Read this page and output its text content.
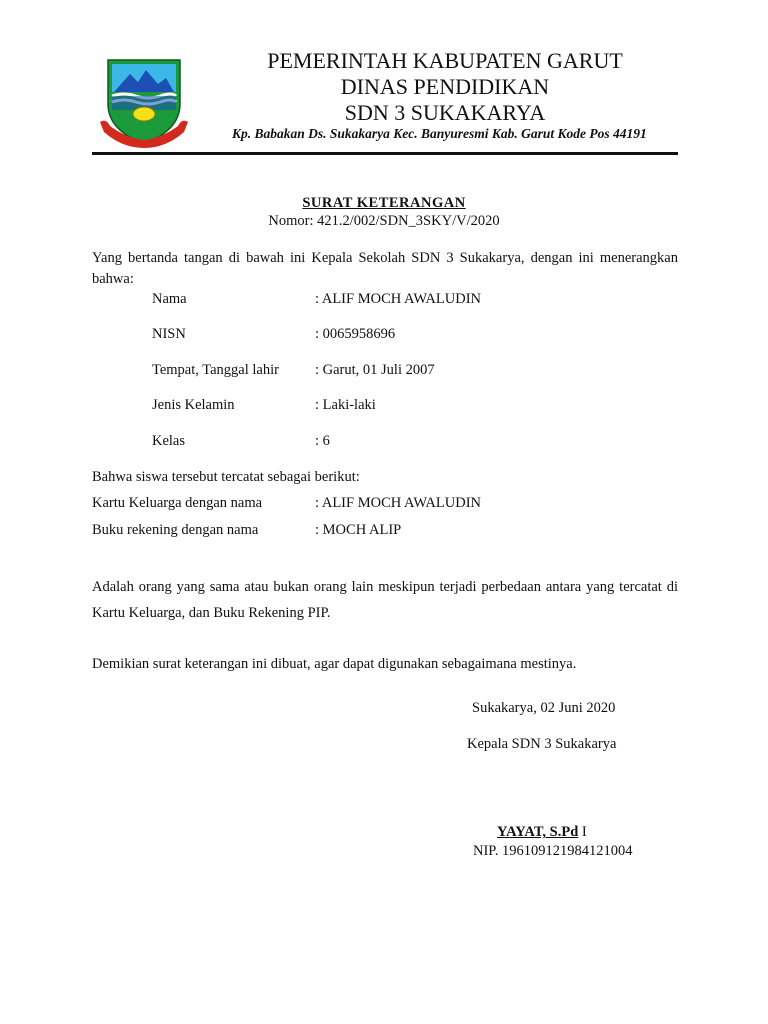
PEMERINTAH KABUPATEN GARUT
DINAS PENDIDIKAN
SDN 3 SUKAKARYA
Kp. Babakan Ds. Sukakarya Kec. Banyuresmi Kab. Garut Kode Pos 44191
SURAT KETERANGAN
Nomor: 421.2/002/SDN_3SKY/V/2020
Yang bertanda tangan di bawah ini Kepala Sekolah SDN 3 Sukakarya, dengan ini menerangkan bahwa:
Nama	: ALIF MOCH AWALUDIN
NISN	: 0065958696
Tempat, Tanggal lahir : Garut, 01 Juli 2007
Jenis Kelamin	: Laki-laki
Kelas	: 6
Bahwa siswa tersebut tercatat sebagai berikut:
Kartu Keluarga dengan nama	: ALIF MOCH AWALUDIN
Buku rekening dengan nama	: MOCH ALIP
Adalah orang yang sama atau bukan orang lain meskipun terjadi perbedaan antara yang tercatat di Kartu Keluarga, dan Buku Rekening PIP.
Demikian surat keterangan ini dibuat, agar dapat digunakan sebagaimana mestinya.
Sukakarya, 02 Juni 2020
Kepala SDN 3 Sukakarya
YAYAT, S.Pd I
NIP. 196109121984121004
